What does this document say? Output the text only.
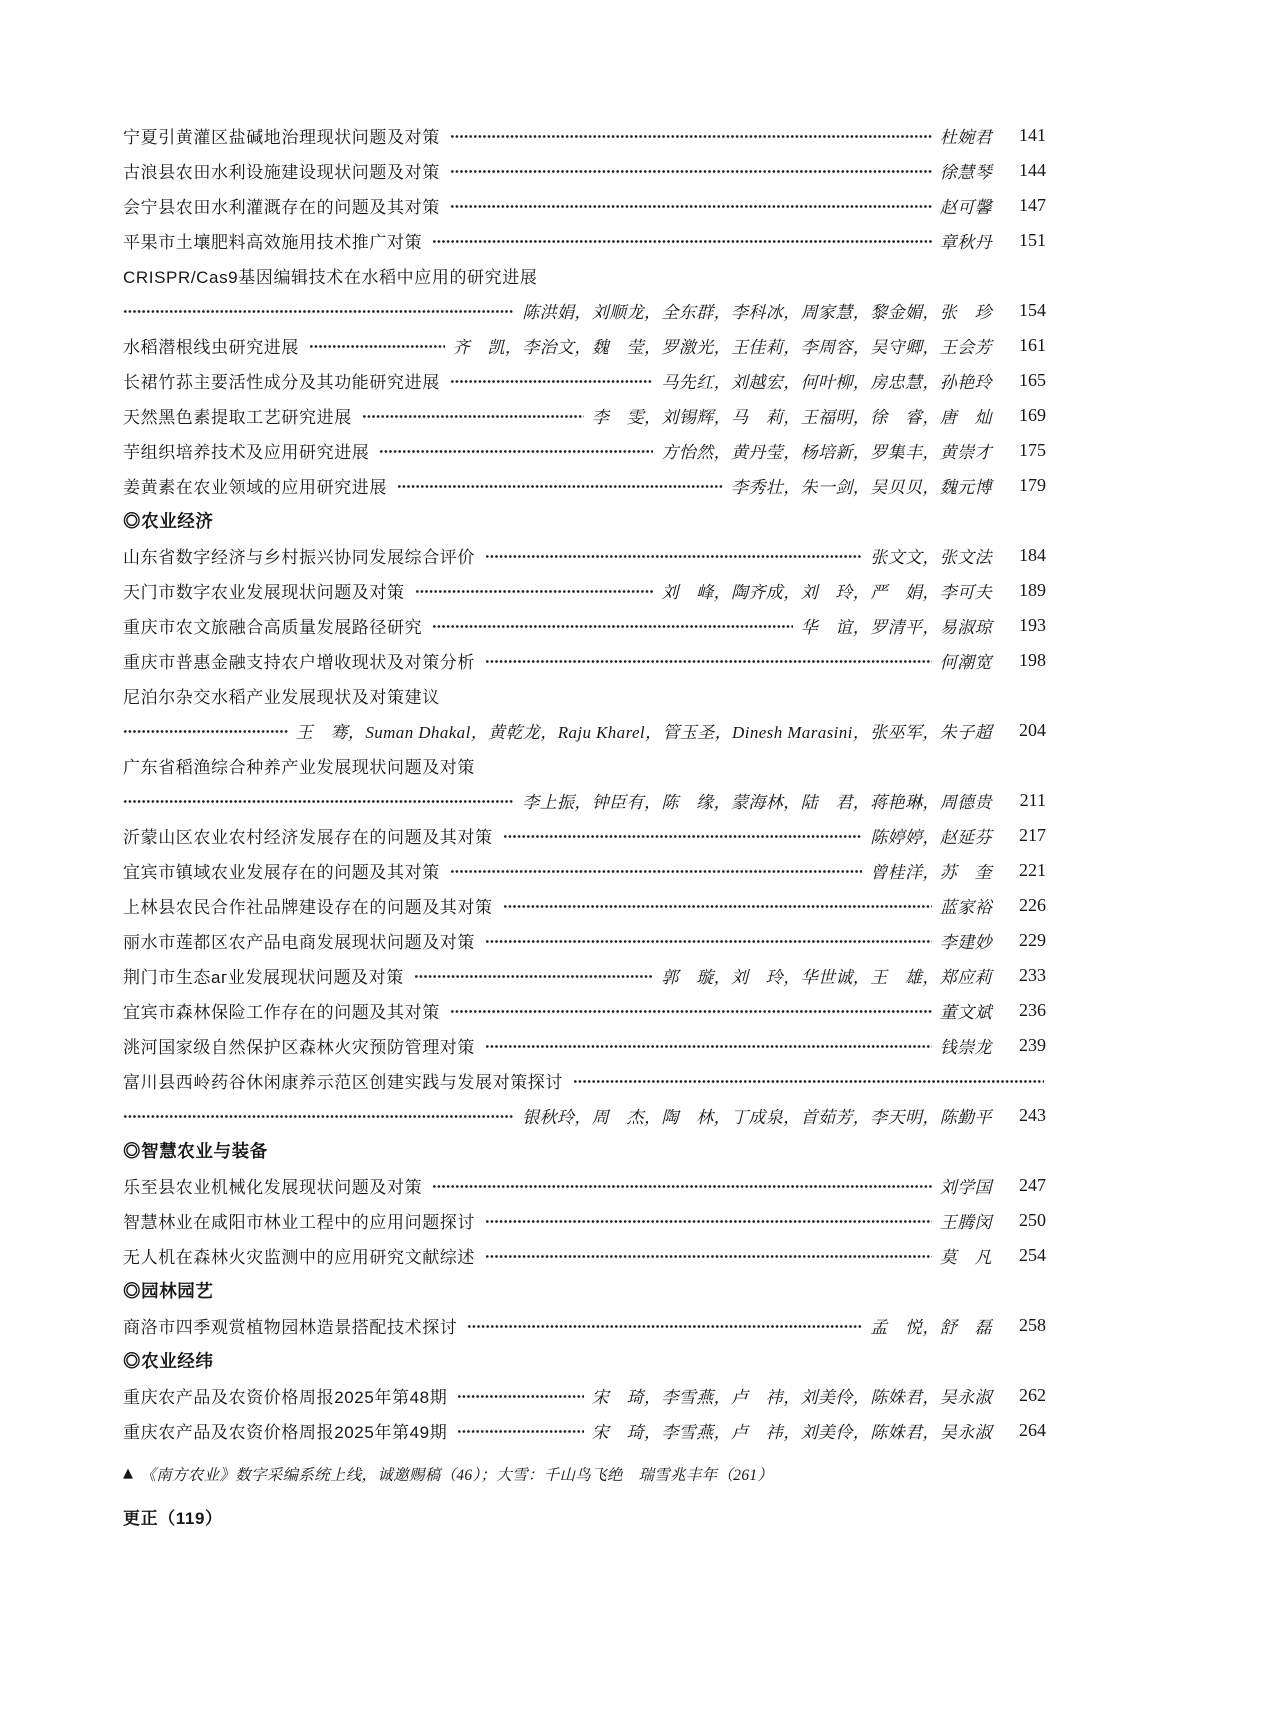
宁夏引黄灌区盐碱地治理现状问题及对策	杜婉君	141
古浪县农田水利设施建设现状问题及对策	徐慧琴	144
会宁县农田水利灌溉存在的问题及其对策	赵可馨	147
平果市土壤肥料高效施用技术推广对策	章秋丹	151
CRISPR/Cas9基因编辑技术在水稻中应用的研究进展
陈洪娟，刘顺龙，全东群，李科冰，周家慧，黎金媚，张　珍	154
水稻潜根线虫研究进展	齐　凯，李治文，魏　莹，罗激光，王佳莉，李周容，吴守卿，王会芳	161
长裙竹荪主要活性成分及其功能研究进展	马先红，刘越宏，何叶柳，房忠慧，孙艳玲	165
天然黑色素提取工艺研究进展	李　雯，刘锡辉，马　莉，王福明，徐　睿，唐　灿	169
芋组织培养技术及应用研究进展	方怡然，黄丹莹，杨培新，罗集丰，黄崇才	175
姜黄素在农业领域的应用研究进展	李秀壮，朱一剑，吴贝贝，魏元博	179
◎农业经济
山东省数字经济与乡村振兴协同发展综合评价	张文文，张文法	184
天门市数字农业发展现状问题及对策	刘　峰，陶齐成，刘　玲，严　娟，李可夫	189
重庆市农文旅融合高质量发展路径研究	华　谊，罗清平，易淑琼	193
重庆市普惠金融支持农户增收现状及对策分析	何潮宽	198
尼泊尔杂交水稻产业发展现状及对策建议
王　骞，Suman Dhakal，黄乾龙，Raju Kharel，管玉圣，Dinesh Marasini，张巫军，朱子超	204
广东省稻渔综合种养产业发展现状问题及对策
李上振，钟臣有，陈　缘，蒙海林，陆　君，蒋艳琳，周德贵	211
沂蒙山区农业农村经济发展存在的问题及其对策	陈婷婷，赵延芬	217
宜宾市镇域农业发展存在的问题及其对策	曾桂洋，苏　奎	221
上林县农民合作社品牌建设存在的问题及其对策	蓝家裕	226
丽水市莲都区农产品电商发展现状问题及对策	李建妙	229
荆门市生态аг业发展现状问题及对策	郭　璇，刘　玲，华世诚，王　雄，郑应莉	233
宜宾市森林保险工作存在的问题及其对策	董文斌	236
洮河国家级自然保护区森林火灾预防管理对策	钱崇龙	239
富川县西岭药谷休闲康养示范区创建实践与发展对策探讨
银秋玲，周　杰，陶　林，丁成泉，首茹芳，李天明，陈勤平	243
◎智慧农业与装备
乐至县农业机械化发展现状问题及对策	刘学国	247
智慧林业在咸阳市林业工程中的应用问题探讨	王腾闵	250
无人机在森林火灾监测中的应用研究文献综述	莫　凡	254
◎园林园艺
商洛市四季观赏植物园林造景搭配技术探讨	孟　悦，舒　磊	258
◎农业经纬
重庆农产品及农资价格周报2025年第48期	宋　琦，李雪燕，卢　祎，刘美伶，陈姝君，吴永淑	262
重庆农产品及农资价格周报2025年第49期	宋　琦，李雪燕，卢　祎，刘美伶，陈姝君，吴永淑	264
▲ 《南方农业》数字采编系统上线，诚邀赐稿（46）；大雪：千山鸟飞绝　瑞雪兆丰年（261）
更正（119）
